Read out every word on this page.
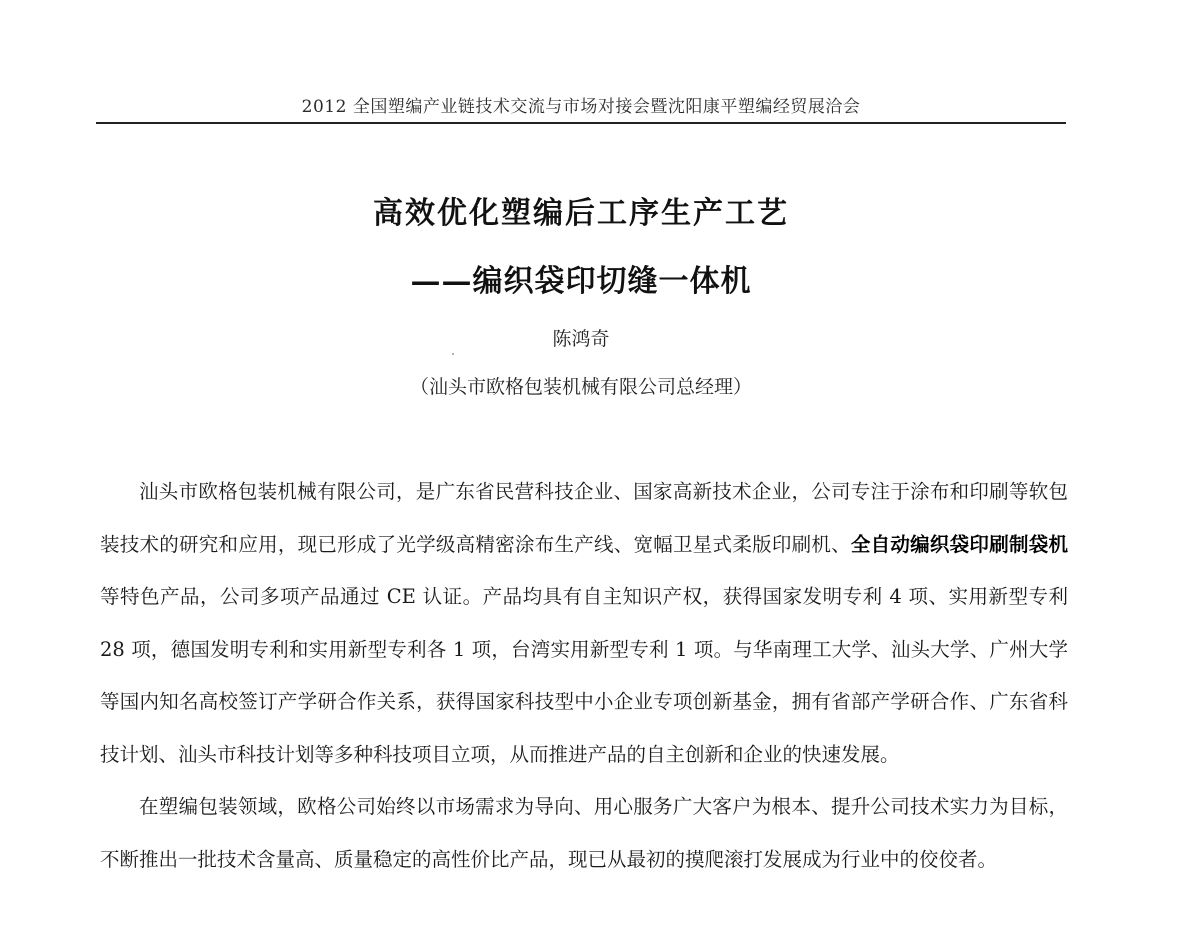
2012 全国塑编产业链技术交流与市场对接会暨沈阳康平塑编经贸展洽会
高效优化塑编后工序生产工艺
——编织袋印切缝一体机
陈鸿奇
（汕头市欧格包装机械有限公司总经理）

汕头市欧格包装机械有限公司，是广东省民营科技企业、国家高新技术企业，公司专注于涂布和印刷等软包装技术的研究和应用，现已形成了光学级高精密涂布生产线、宽幅卫星式柔版印刷机、全自动编织袋印刷制袋机等特色产品，公司多项产品通过 CE 认证。产品均具有自主知识产权，获得国家发明专利 4 项、实用新型专利 28 项，德国发明专利和实用新型专利各 1 项，台湾实用新型专利 1 项。与华南理工大学、汕头大学、广州大学等国内知名高校签订产学研合作关系，获得国家科技型中小企业专项创新基金，拥有省部产学研合作、广东省科技计划、汕头市科技计划等多种科技项目立项，从而推进产品的自主创新和企业的快速发展。

在塑编包装领域，欧格公司始终以市场需求为导向、用心服务广大客户为根本、提升公司技术实力为目标，不断推出一批技术含量高、质量稳定的高性价比产品，现已从最初的摸爬滚打发展成为行业中的佼佼者。
